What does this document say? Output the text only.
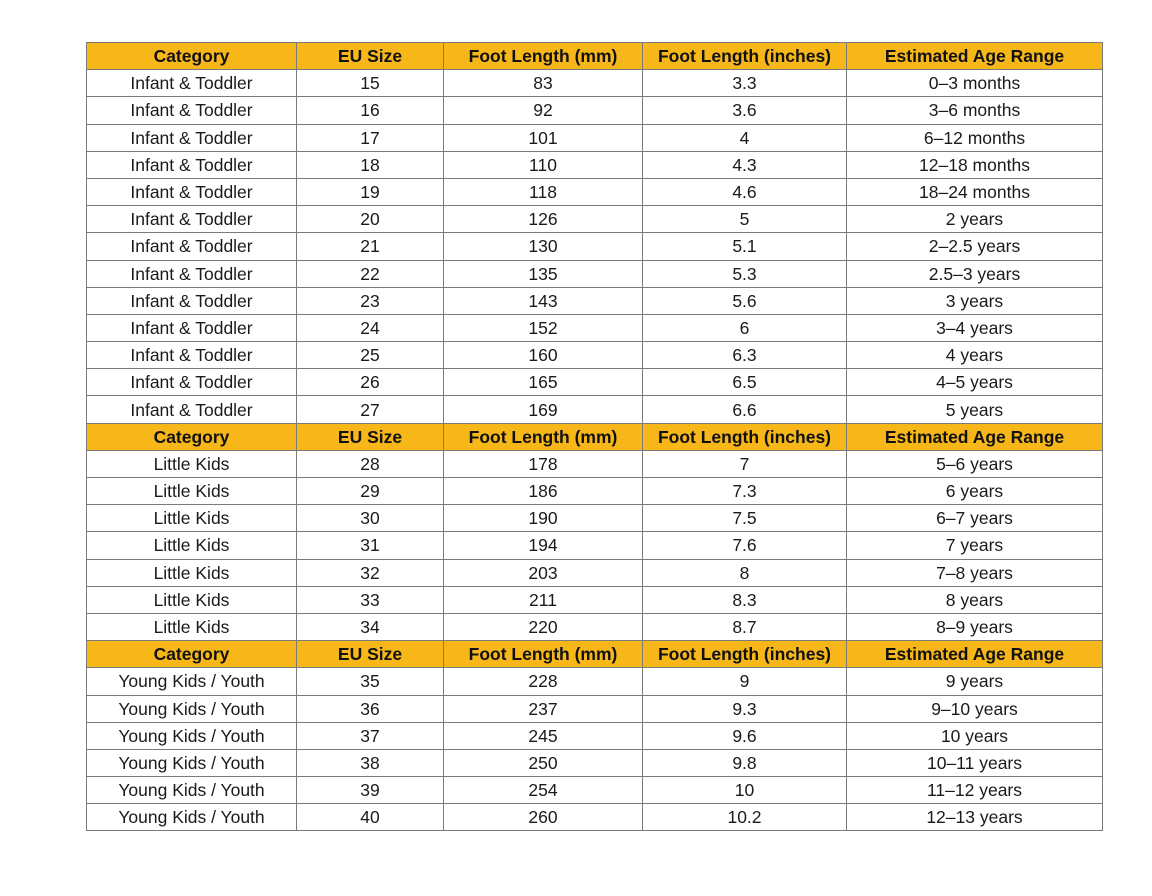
Category	EU Size	Foot Length (mm)	Foot Length (inches)	Estimated Age Range
Infant & Toddler	15	83	3.3	0–3 months
Infant & Toddler	16	92	3.6	3–6 months
Infant & Toddler	17	101	4	6–12 months
Infant & Toddler	18	110	4.3	12–18 months
Infant & Toddler	19	118	4.6	18–24 months
Infant & Toddler	20	126	5	2 years
Infant & Toddler	21	130	5.1	2–2.5 years
Infant & Toddler	22	135	5.3	2.5–3 years
Infant & Toddler	23	143	5.6	3 years
Infant & Toddler	24	152	6	3–4 years
Infant & Toddler	25	160	6.3	4 years
Infant & Toddler	26	165	6.5	4–5 years
Infant & Toddler	27	169	6.6	5 years
Category	EU Size	Foot Length (mm)	Foot Length (inches)	Estimated Age Range
Little Kids	28	178	7	5–6 years
Little Kids	29	186	7.3	6 years
Little Kids	30	190	7.5	6–7 years
Little Kids	31	194	7.6	7 years
Little Kids	32	203	8	7–8 years
Little Kids	33	211	8.3	8 years
Little Kids	34	220	8.7	8–9 years
Category	EU Size	Foot Length (mm)	Foot Length (inches)	Estimated Age Range
Young Kids / Youth	35	228	9	9 years
Young Kids / Youth	36	237	9.3	9–10 years
Young Kids / Youth	37	245	9.6	10 years
Young Kids / Youth	38	250	9.8	10–11 years
Young Kids / Youth	39	254	10	11–12 years
Young Kids / Youth	40	260	10.2	12–13 years
